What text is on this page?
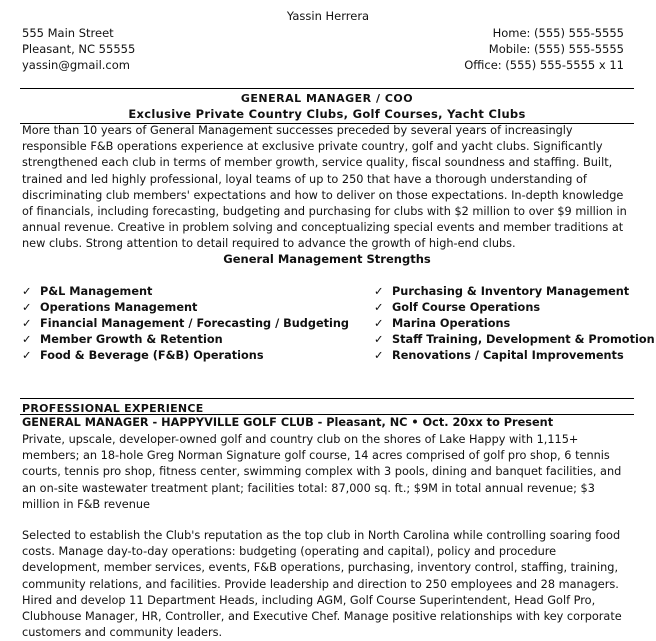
Yassin Herrera
555 Main Street
Pleasant, NC 55555
yassin@gmail.com
Home: (555) 555-5555
Mobile: (555) 555-5555
Office: (555) 555-5555 x 11
GENERAL MANAGER / COO
Exclusive Private Country Clubs, Golf Courses, Yacht Clubs
More than 10 years of General Management successes preceded by several years of increasingly responsible F&B operations experience at exclusive private country, golf and yacht clubs. Significantly strengthened each club in terms of member growth, service quality, fiscal soundness and staffing. Built, trained and led highly professional, loyal teams of up to 250 that have a thorough understanding of discriminating club members' expectations and how to deliver on those expectations. In-depth knowledge of financials, including forecasting, budgeting and purchasing for clubs with $2 million to over $9 million in annual revenue. Creative in problem solving and conceptualizing special events and member traditions at new clubs. Strong attention to detail required to advance the growth of high-end clubs.
General Management Strengths
✓ P&L Management
✓ Operations Management
✓ Financial Management / Forecasting / Budgeting
✓ Member Growth & Retention
✓ Food & Beverage (F&B) Operations
✓ Purchasing & Inventory Management
✓ Golf Course Operations
✓ Marina Operations
✓ Staff Training, Development & Promotion
✓ Renovations / Capital Improvements
PROFESSIONAL EXPERIENCE
GENERAL MANAGER - HAPPYVILLE GOLF CLUB - Pleasant, NC • Oct. 20xx to Present
Private, upscale, developer-owned golf and country club on the shores of Lake Happy with 1,115+ members; an 18-hole Greg Norman Signature golf course, 14 acres comprised of golf pro shop, 6 tennis courts, tennis pro shop, fitness center, swimming complex with 3 pools, dining and banquet facilities, and an on-site wastewater treatment plant; facilities total: 87,000 sq. ft.; $9M in total annual revenue; $3 million in F&B revenue
Selected to establish the Club's reputation as the top club in North Carolina while controlling soaring food costs. Manage day-to-day operations: budgeting (operating and capital), policy and procedure development, member services, events, F&B operations, purchasing, inventory control, staffing, training, community relations, and facilities. Provide leadership and direction to 250 employees and 28 managers. Hired and develop 11 Department Heads, including AGM, Golf Course Superintendent, Head Golf Pro, Clubhouse Manager, HR, Controller, and Executive Chef. Manage positive relationships with key corporate customers and community leaders.
